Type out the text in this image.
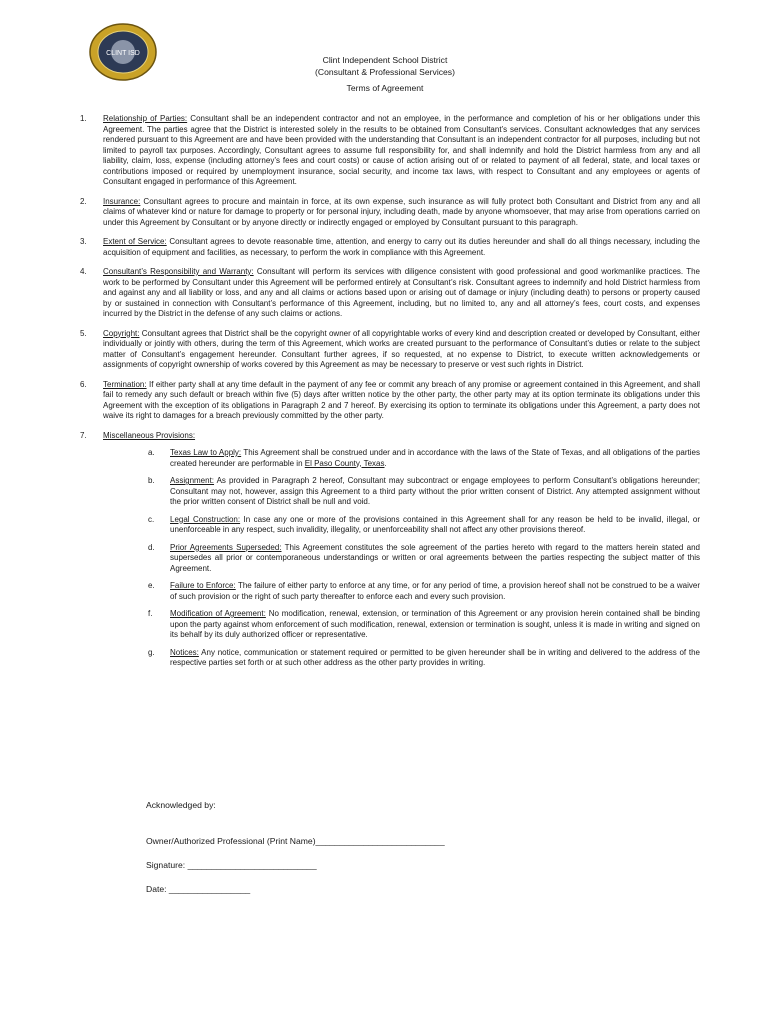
CLINT ISD
Clint Independent School District
(Consultant & Professional Services)
Terms of Agreement
1.	Relationship of Parties: Consultant shall be an independent contractor and not an employee, in the performance and completion of his or her obligations under this Agreement. The parties agree that the District is interested solely in the results to be obtained from Consultant’s services. Consultant acknowledges that any services rendered pursuant to this Agreement are and have been provided with the understanding that Consultant is an independent contractor for all purposes, including but not limited to payroll tax purposes. Accordingly, Consultant agrees to assume full responsibility for, and shall indemnify and hold the District harmless from any and all liability, claim, loss, expense (including attorney’s fees and court costs) or cause of action arising out of or related to payment of all federal, state, and local taxes or contributions imposed or required by unemployment insurance, social security, and income tax laws, with respect to Consultant and any employees or agents of Consultant engaged in performance of this Agreement.
2.	Insurance: Consultant agrees to procure and maintain in force, at its own expense, such insurance as will fully protect both Consultant and District from any and all claims of whatever kind or nature for damage to property or for personal injury, including death, made by anyone whomsoever, that may arise from operations carried on under this Agreement by Consultant or by anyone directly or indirectly engaged or employed by Consultant pursuant to this paragraph.
3.	Extent of Service: Consultant agrees to devote reasonable time, attention, and energy to carry out its duties hereunder and shall do all things necessary, including the acquisition of equipment and facilities, as necessary, to perform the work in compliance with this Agreement.
4.	Consultant’s Responsibility and Warranty: Consultant will perform its services with diligence consistent with good professional and good workmanlike practices. The work to be performed by Consultant under this Agreement will be performed entirely at Consultant’s risk. Consultant agrees to indemnify and hold District harmless from and against any and all liability or loss, and any and all claims or actions based upon or arising out of damage or injury (including death) to persons or property caused by or sustained in connection with Consultant’s performance of this Agreement, including, but no limited to, any and all attorney’s fees, court costs, and expenses incurred by the District in the defense of any such claims or actions.
5.	Copyright: Consultant agrees that District shall be the copyright owner of all copyrightable works of every kind and description created or developed by Consultant, either individually or jointly with others, during the term of this Agreement, which works are created pursuant to the performance of Consultant’s duties or relate to the subject matter of Consultant’s engagement hereunder. Consultant further agrees, if so requested, at no expense to District, to execute written acknowledgements or assignments of copyright ownership of works covered by this Agreement as may be necessary to preserve or vest such rights in District.
6.	Termination: If either party shall at any time default in the payment of any fee or commit any breach of any promise or agreement contained in this Agreement, and shall fail to remedy any such default or breach within five (5) days after written notice by the other party, the other party may at its option terminate its obligations under this Agreement with the exception of its obligations in Paragraph 2 and 7 hereof. By exercising its option to terminate its obligations under this Agreement, a party does not waive its right to damages for a breach previously committed by the other party.
7.	Miscellaneous Provisions:
a.	Texas Law to Apply: This Agreement shall be construed under and in accordance with the laws of the State of Texas, and all obligations of the parties created hereunder are performable in El Paso County, Texas.
b.	Assignment: As provided in Paragraph 2 hereof, Consultant may subcontract or engage employees to perform Consultant’s obligations hereunder; Consultant may not, however, assign this Agreement to a third party without the prior written consent of District. Any attempted assignment without the prior written consent of District shall be null and void.
c.	Legal Construction: In case any one or more of the provisions contained in this Agreement shall for any reason be held to be invalid, illegal, or unenforceable in any respect, such invalidity, illegality, or unenforceability shall not affect any other provisions thereof.
d.	Prior Agreements Superseded: This Agreement constitutes the sole agreement of the parties hereto with regard to the matters herein stated and supersedes all prior or contemporaneous understandings or written or oral agreements between the parties respecting the subject matter of this Agreement.
e.	Failure to Enforce: The failure of either party to enforce at any time, or for any period of time, a provision hereof shall not be construed to be a waiver of such provision or the right of such party thereafter to enforce each and every such provision.
f.	Modification of Agreement: No modification, renewal, extension, or termination of this Agreement or any provision herein contained shall be binding upon the party against whom enforcement of such modification, renewal, extension or termination is sought, unless it is made in writing and signed on its behalf by its duly authorized officer or representative.
g.	Notices: Any notice, communication or statement required or permitted to be given hereunder shall be in writing and delivered to the address of the respective parties set forth or at such other address as the other party provides in writing.
Acknowledged by:
Owner/Authorized Professional (Print Name)___________________________
Signature: ___________________________
Date: _________________
